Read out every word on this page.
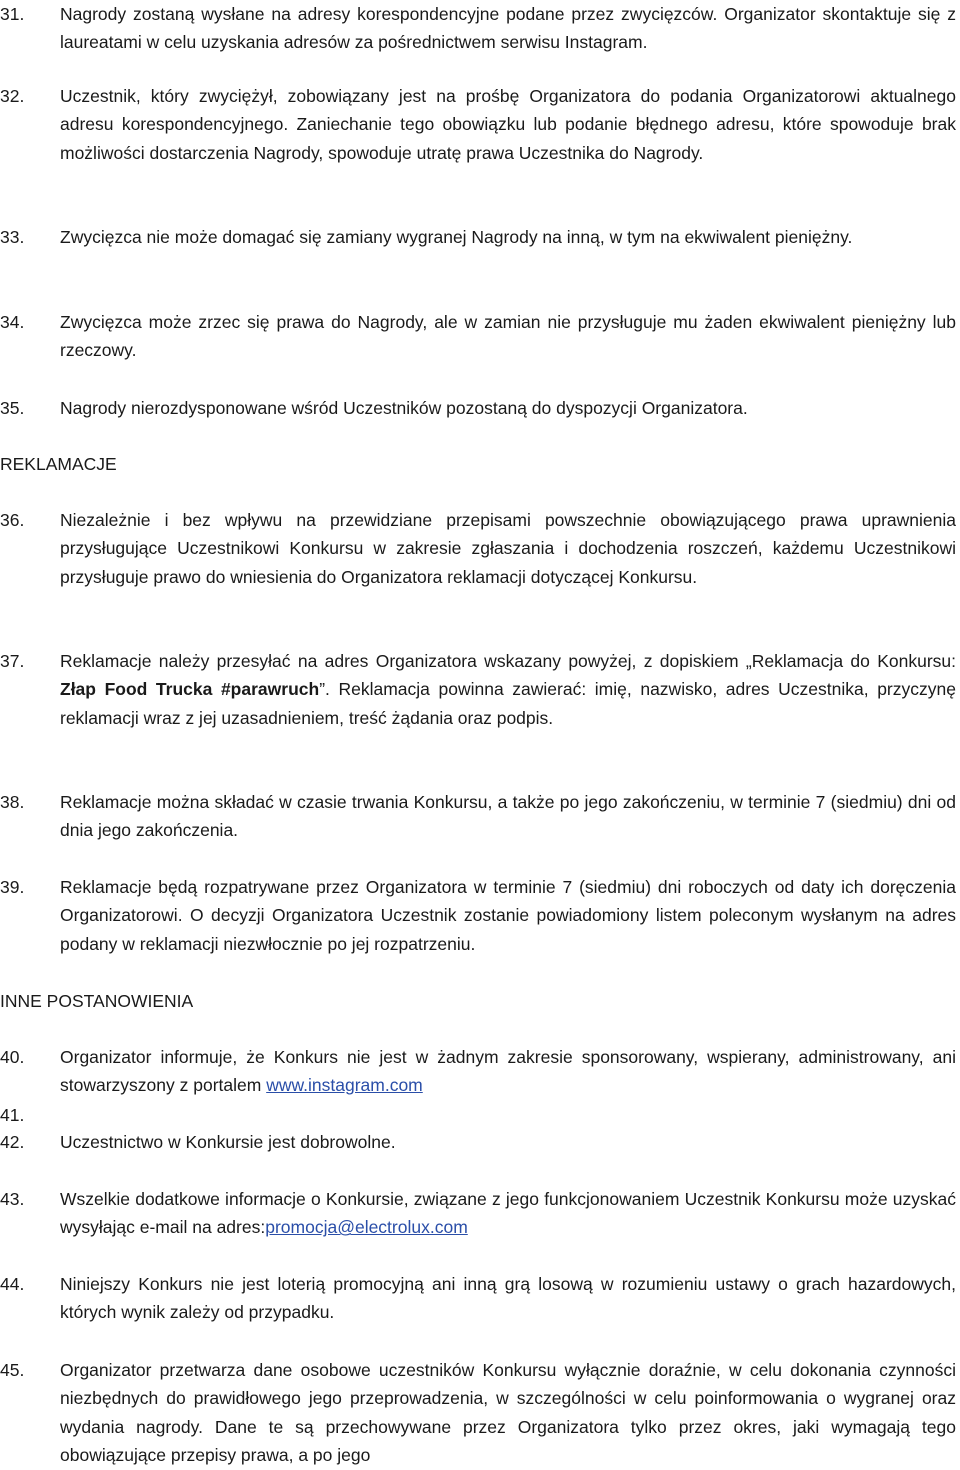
31. Nagrody zostaną wysłane na adresy korespondencyjne podane przez zwycięzców. Organizator skontaktuje się z laureatami w celu uzyskania adresów za pośrednictwem serwisu Instagram.
32. Uczestnik, który zwyciężył, zobowiązany jest na prośbę Organizatora do podania Organizatorowi aktualnego adresu korespondencyjnego. Zaniechanie tego obowiązku lub podanie błędnego adresu, które spowoduje brak możliwości dostarczenia Nagrody, spowoduje utratę prawa Uczestnika do Nagrody.
33. Zwycięzca nie może domagać się zamiany wygranej Nagrody na inną, w tym na ekwiwalent pieniężny.
34. Zwycięzca może zrzec się prawa do Nagrody, ale w zamian nie przysługuje mu żaden ekwiwalent pieniężny lub rzeczowy.
35. Nagrody nierozdysponowane wśród Uczestników pozostaną do dyspozycji Organizatora.
REKLAMACJE
36. Niezależnie i bez wpływu na przewidziane przepisami powszechnie obowiązującego prawa uprawnienia przysługujące Uczestnikowi Konkursu w zakresie zgłaszania i dochodzenia roszczeń, każdemu Uczestnikowi przysługuje prawo do wniesienia do Organizatora reklamacji dotyczącej Konkursu.
37. Reklamacje należy przesyłać na adres Organizatora wskazany powyżej, z dopiskiem „Reklamacja do Konkursu: Złap Food Trucka #parawruch”. Reklamacja powinna zawierać: imię, nazwisko, adres Uczestnika, przyczynę reklamacji wraz z jej uzasadnieniem, treść żądania oraz podpis.
38. Reklamacje można składać w czasie trwania Konkursu, a także po jego zakończeniu, w terminie 7 (siedmiu) dni od dnia jego zakończenia.
39. Reklamacje będą rozpatrywane przez Organizatora w terminie 7 (siedmiu) dni roboczych od daty ich doręczenia Organizatorowi. O decyzji Organizatora Uczestnik zostanie powiadomiony listem poleconym wysłanym na adres podany w reklamacji niezwłocznie po jej rozpatrzeniu.
INNE POSTANOWIENIA
40. Organizator informuje, że Konkurs nie jest w żadnym zakresie sponsorowany, wspierany, administrowany, ani stowarzyszony z portalem www.instagram.com
41.
42. Uczestnictwo w Konkursie jest dobrowolne.
43. Wszelkie dodatkowe informacje o Konkursie, związane z jego funkcjonowaniem Uczestnik Konkursu może uzyskać wysyłając e-mail na adres:promocja@electrolux.com
44. Niniejszy Konkurs nie jest loterią promocyjną ani inną grą losową w rozumieniu ustawy o grach hazardowych, których wynik zależy od przypadku.
45. Organizator przetwarza dane osobowe uczestników Konkursu wyłącznie doraźnie, w celu dokonania czynności niezbędnych do prawidłowego jego przeprowadzenia, w szczególności w celu poinformowania o wygranej oraz wydania nagrody. Dane te są przechowywane przez Organizatora tylko przez okres, jaki wymagają tego obowiązujące przepisy prawa, a po jego
